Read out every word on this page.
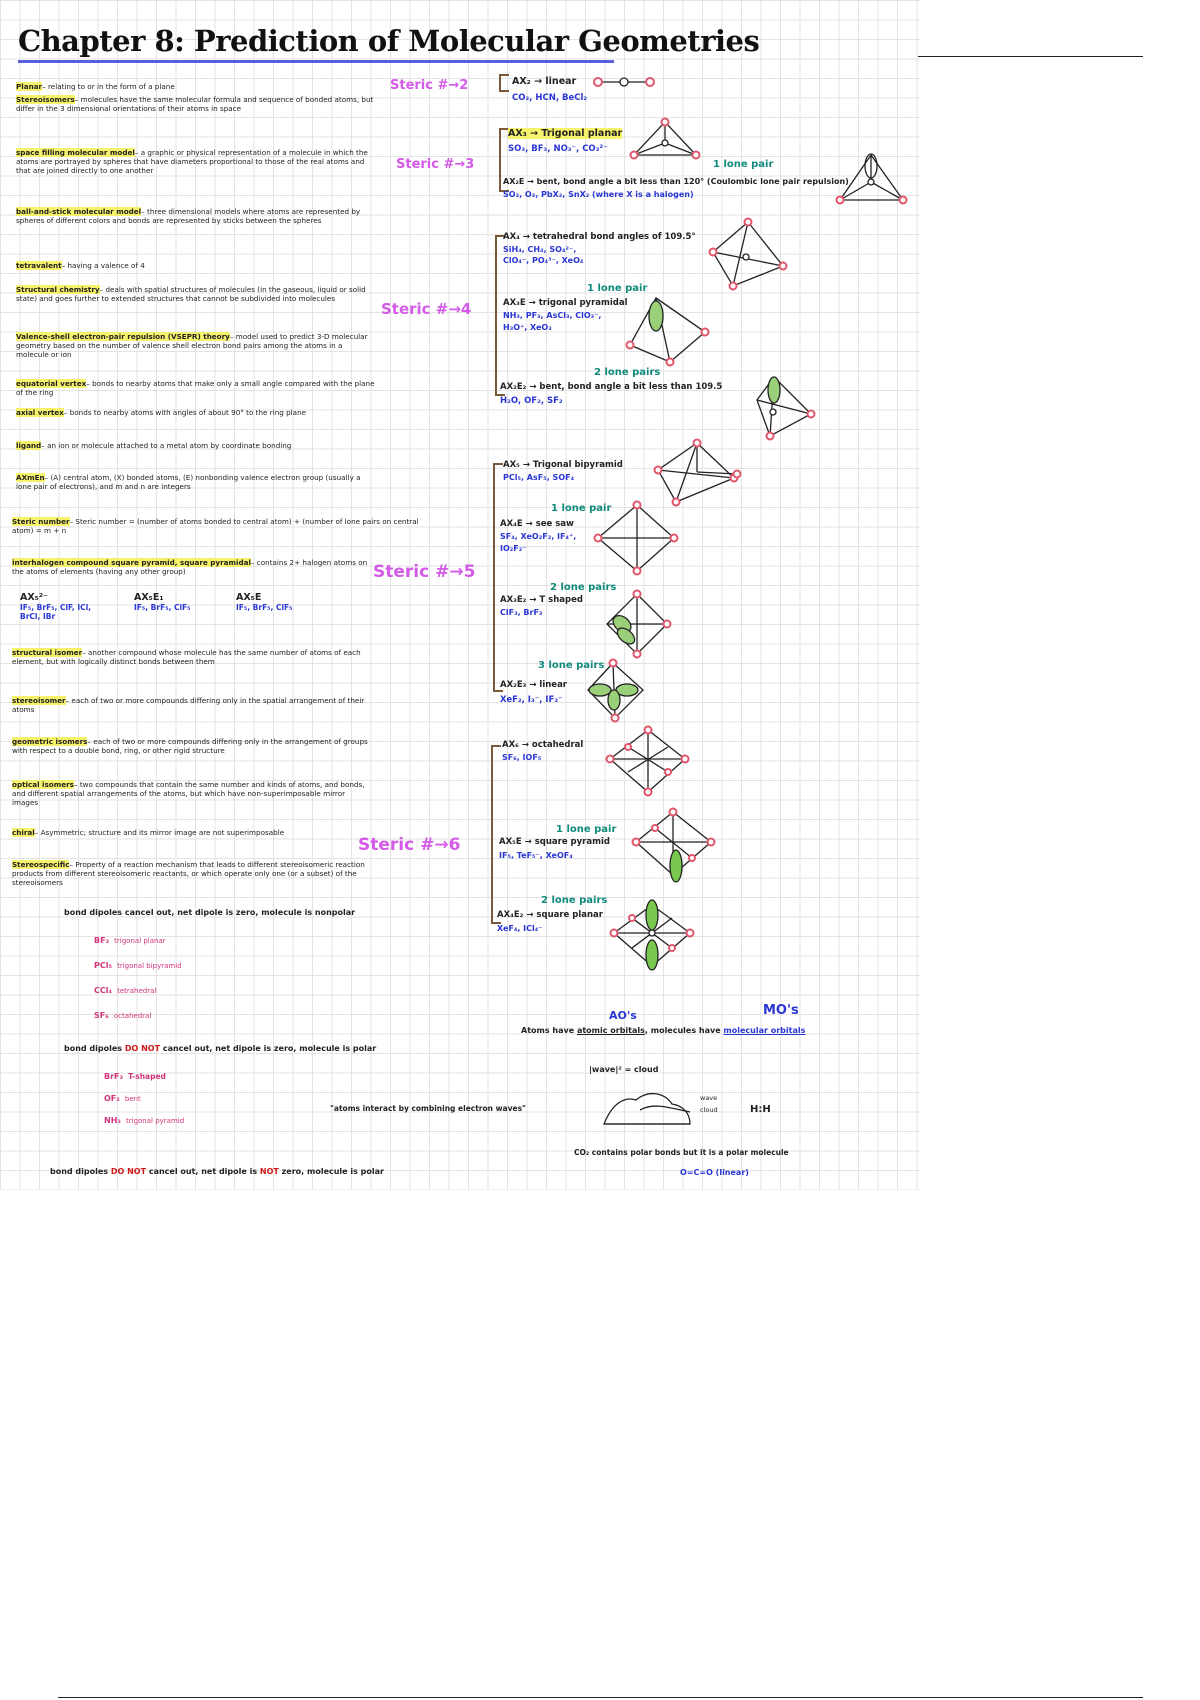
Chapter 8: Prediction of Molecular Geometries
Planar– relating to or in the form of a plane
Stereoisomers– molecules have the same molecular formula and sequence of bonded atoms, but differ in the 3 dimensional orientations of their atoms in space
space filling molecular model– a graphic or physical representation of a molecule in which the atoms are portrayed by spheres that have diameters proportional to those of the real atoms and that are joined directly to one another
ball-and-stick molecular model– three dimensional models where atoms are represented by spheres of different colors and bonds are represented by sticks between the spheres
tetravalent– having a valence of 4
Structural chemistry– deals with spatial structures of molecules (in the gaseous, liquid or solid state) and goes further to extended structures that cannot be subdivided into molecules
Valence-shell electron-pair repulsion (VSEPR) theory– model used to predict 3-D molecular geometry based on the number of valence shell electron bond pairs among the atoms in a molecule or ion
equatorial vertex– bonds to nearby atoms that make only a small angle compared with the plane of the ring
axial vertex– bonds to nearby atoms with angles of about 90° to the ring plane
ligand– an ion or molecule attached to a metal atom by coordinate bonding
AXmEn– (A) central atom, (X) bonded atoms, (E) nonbonding valence electron group (usually a lone pair of electrons), and m and n are integers
Steric number– Steric number = (number of atoms bonded to central atom) + (number of lone pairs on central atom) = m + n
interhalogen compound square pyramid, square pyramidal– contains 2+ halogen atoms on the atoms of elements (having any other group)
AX₅²⁻
IF₅, BrF₅, ClF, ICl, BrCl, IBr
AX₅E₁
IF₅, BrF₅, ClF₅
AX₅E
IF₅, BrF₅, ClF₅
structural isomer– another compound whose molecule has the same number of atoms of each element, but with logically distinct bonds between them
stereoisomer– each of two or more compounds differing only in the spatial arrangement of their atoms
geometric isomers– each of two or more compounds differing only in the arrangement of groups with respect to a double bond, ring, or other rigid structure
optical isomers– two compounds that contain the same number and kinds of atoms, and bonds, and different spatial arrangements of the atoms, but which have non-superimposable mirror images
chiral– Asymmetric; structure and its mirror image are not superimposable
Stereospecific– Property of a reaction mechanism that leads to different stereoisomeric reaction products from different stereoisomeric reactants, or which operate only one (or a subset) of the stereoisomers
bond dipoles cancel out, net dipole is zero, molecule is nonpolar
BF₃ trigonal planar
PCl₅ trigonal bipyramid
CCl₄ tetrahedral
SF₆ octahedral
bond dipoles DO NOT cancel out, net dipole is zero, molecule is polar
BrF₃ T-shaped
OF₂ bent
NH₃ trigonal pyramid
bond dipoles DO NOT cancel out, net dipole is NOT zero, molecule is polar
Steric #→2
Steric #→3
Steric #→4
Steric #→5
Steric #→6
AX₂ → linear
CO₂, HCN, BeCl₂
AX₃ → Trigonal planar
SO₃, BF₃, NO₃⁻, CO₃²⁻
1 lone pair
AX₂E → bent, bond angle a bit less than 120° (Coulombic lone pair repulsion)
SO₂, O₃, PbX₂, SnX₂ (where X is a halogen)
AX₄ → tetrahedral bond angles of 109.5°
SiH₄, CH₄, SO₄²⁻, ClO₄⁻, PO₄³⁻, XeO₄
1 lone pair
AX₃E → trigonal pyramidal
NH₃, PF₃, AsCl₃, ClO₃⁻, H₃O⁺, XeO₃
2 lone pairs
AX₂E₂ → bent, bond angle a bit less than 109.5
H₂O, OF₂, SF₂
AX₅ → Trigonal bipyramid
PCl₅, AsF₅, SOF₄
1 lone pair
AX₄E → see saw
SF₄, XeO₂F₂, IF₄⁺, IO₂F₂⁻
2 lone pairs
AX₃E₂ → T shaped
ClF₃, BrF₃
3 lone pairs
AX₂E₃ → linear
XeF₂, I₃⁻, IF₂⁻
AX₆ → octahedral
SF₆, IOF₅
1 lone pair
AX₅E → square pyramid
IF₅, TeF₅⁻, XeOF₄
2 lone pairs
AX₄E₂ → square planar
XeF₄, ICl₄⁻
AO's	MO's
Atoms have atomic orbitals, molecules have molecular orbitals
|wave|² = cloud
"atoms interact by combining electron waves"
wave
cloud	H:H
CO₂ contains polar bonds but it is a polar molecule
O=C=O (linear)
